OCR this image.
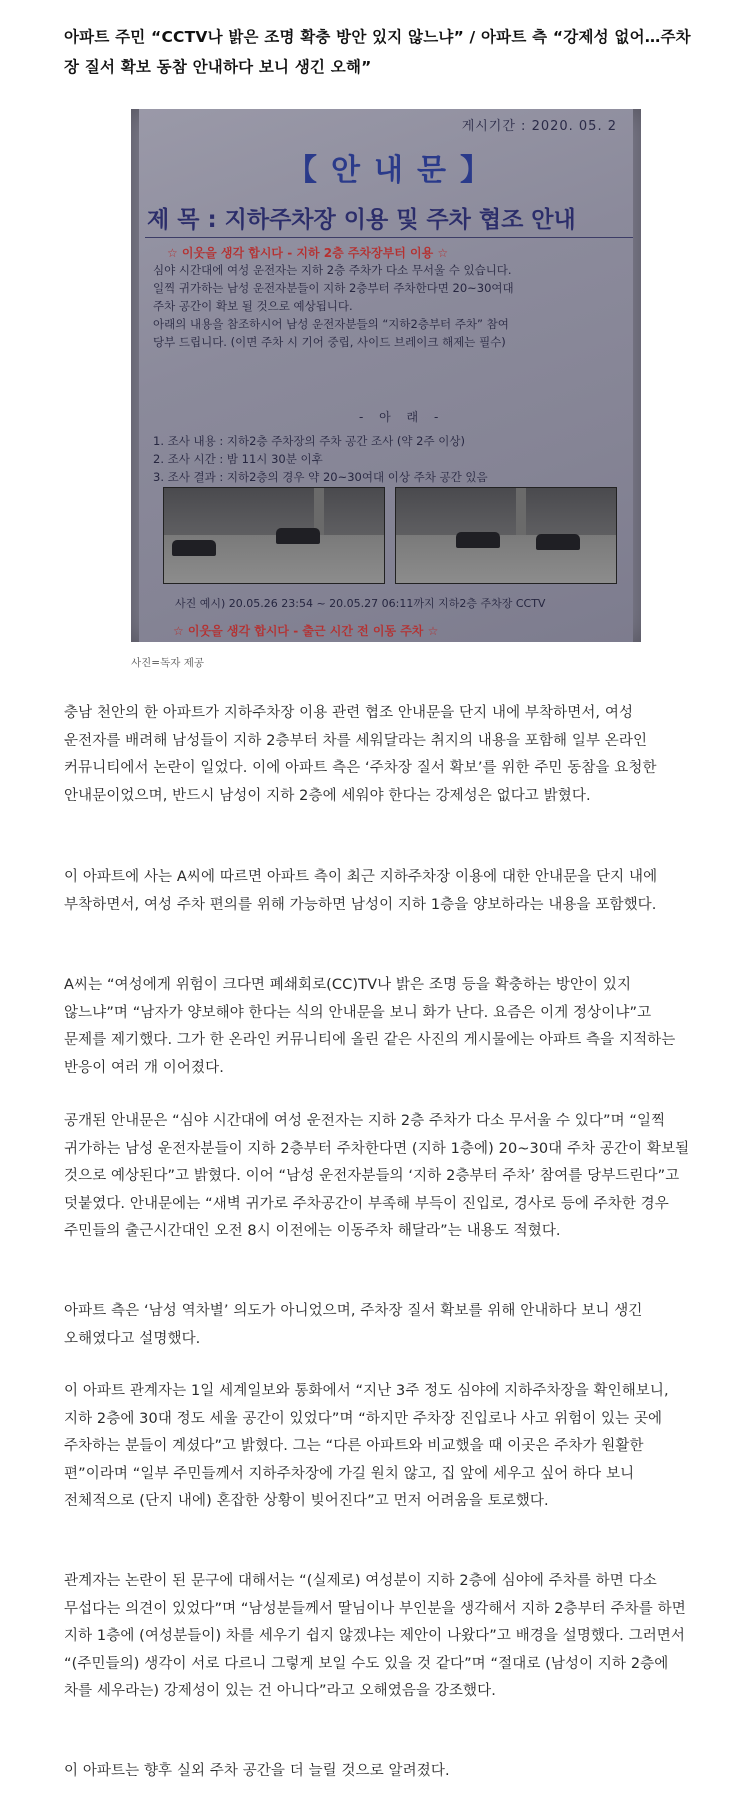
아파트 주민 “CCTV나 밝은 조명 확충 방안 있지 않느냐” / 아파트 측 “강제성 없어…주차장 질서 확보 동참 안내하다 보니 생긴 오해”
게시기간 : 2020. 05. 2
【안내문】
제 목 : 지하주차장 이용 및 주차 협조 안내
☆ 이웃을 생각 합시다 - 지하 2층 주차장부터 이용 ☆
심야 시간대에 여성 운전자는 지하 2층 주차가 다소 무서울 수 있습니다.
일찍 귀가하는 남성 운전자분들이 지하 2층부터 주차한다면 20~30여대
주차 공간이 확보 될 것으로 예상됩니다.
아래의 내용을 참조하시어 남성 운전자분들의 “지하2층부터 주차” 참여
당부 드립니다. (이면 주차 시 기어 중립, 사이드 브레이크 해제는 필수)
- 아 래 -
1. 조사 내용 : 지하2층 주차장의 주차 공간 조사 (약 2주 이상)
2. 조사 시간 : 밤 11시 30분 이후
3. 조사 결과 : 지하2층의 경우 약 20~30여대 이상 주차 공간 있음
사진 예시) 20.05.26 23:54 ~ 20.05.27 06:11까지 지하2층 주차장 CCTV
☆ 이웃을 생각 합시다 - 출근 시간 전 이동 주차 ☆
사진=독자 제공

충남 천안의 한 아파트가 지하주차장 이용 관련 협조 안내문을 단지 내에 부착하면서, 여성 운전자를 배려해 남성들이 지하 2층부터 차를 세워달라는 취지의 내용을 포함해 일부 온라인 커뮤니티에서 논란이 일었다. 이에 아파트 측은 ‘주차장 질서 확보’를 위한 주민 동참을 요청한 안내문이었으며, 반드시 남성이 지하 2층에 세워야 한다는 강제성은 없다고 밝혔다.

이 아파트에 사는 A씨에 따르면 아파트 측이 최근 지하주차장 이용에 대한 안내문을 단지 내에 부착하면서, 여성 주차 편의를 위해 가능하면 남성이 지하 1층을 양보하라는 내용을 포함했다.

A씨는 “여성에게 위험이 크다면 폐쇄회로(CC)TV나 밝은 조명 등을 확충하는 방안이 있지 않느냐”며 “남자가 양보해야 한다는 식의 안내문을 보니 화가 난다. 요즘은 이게 정상이냐”고 문제를 제기했다. 그가 한 온라인 커뮤니티에 올린 같은 사진의 게시물에는 아파트 측을 지적하는 반응이 여러 개 이어졌다.

공개된 안내문은 “심야 시간대에 여성 운전자는 지하 2층 주차가 다소 무서울 수 있다”며 “일찍 귀가하는 남성 운전자분들이 지하 2층부터 주차한다면 (지하 1층에) 20~30대 주차 공간이 확보될 것으로 예상된다”고 밝혔다. 이어 “남성 운전자분들의 ‘지하 2층부터 주차’ 참여를 당부드린다”고 덧붙였다. 안내문에는 “새벽 귀가로 주차공간이 부족해 부득이 진입로, 경사로 등에 주차한 경우 주민들의 출근시간대인 오전 8시 이전에는 이동주차 해달라”는 내용도 적혔다.

아파트 측은 ‘남성 역차별’ 의도가 아니었으며, 주차장 질서 확보를 위해 안내하다 보니 생긴 오해였다고 설명했다.

이 아파트 관계자는 1일 세계일보와 통화에서 “지난 3주 정도 심야에 지하주차장을 확인해보니, 지하 2층에 30대 정도 세울 공간이 있었다”며 “하지만 주차장 진입로나 사고 위험이 있는 곳에 주차하는 분들이 계셨다”고 밝혔다. 그는 “다른 아파트와 비교했을 때 이곳은 주차가 원활한 편”이라며 “일부 주민들께서 지하주차장에 가길 원치 않고, 집 앞에 세우고 싶어 하다 보니 전체적으로 (단지 내에) 혼잡한 상황이 빚어진다”고 먼저 어려움을 토로했다.

관계자는 논란이 된 문구에 대해서는 “(실제로) 여성분이 지하 2층에 심야에 주차를 하면 다소 무섭다는 의견이 있었다”며 “남성분들께서 딸님이나 부인분을 생각해서 지하 2층부터 주차를 하면 지하 1층에 (여성분들이) 차를 세우기 쉽지 않겠냐는 제안이 나왔다”고 배경을 설명했다. 그러면서 “(주민들의) 생각이 서로 다르니 그렇게 보일 수도 있을 것 같다”며 “절대로 (남성이 지하 2층에 차를 세우라는) 강제성이 있는 건 아니다”라고 오해였음을 강조했다.

이 아파트는 향후 실외 주차 공간을 더 늘릴 것으로 알려졌다.
